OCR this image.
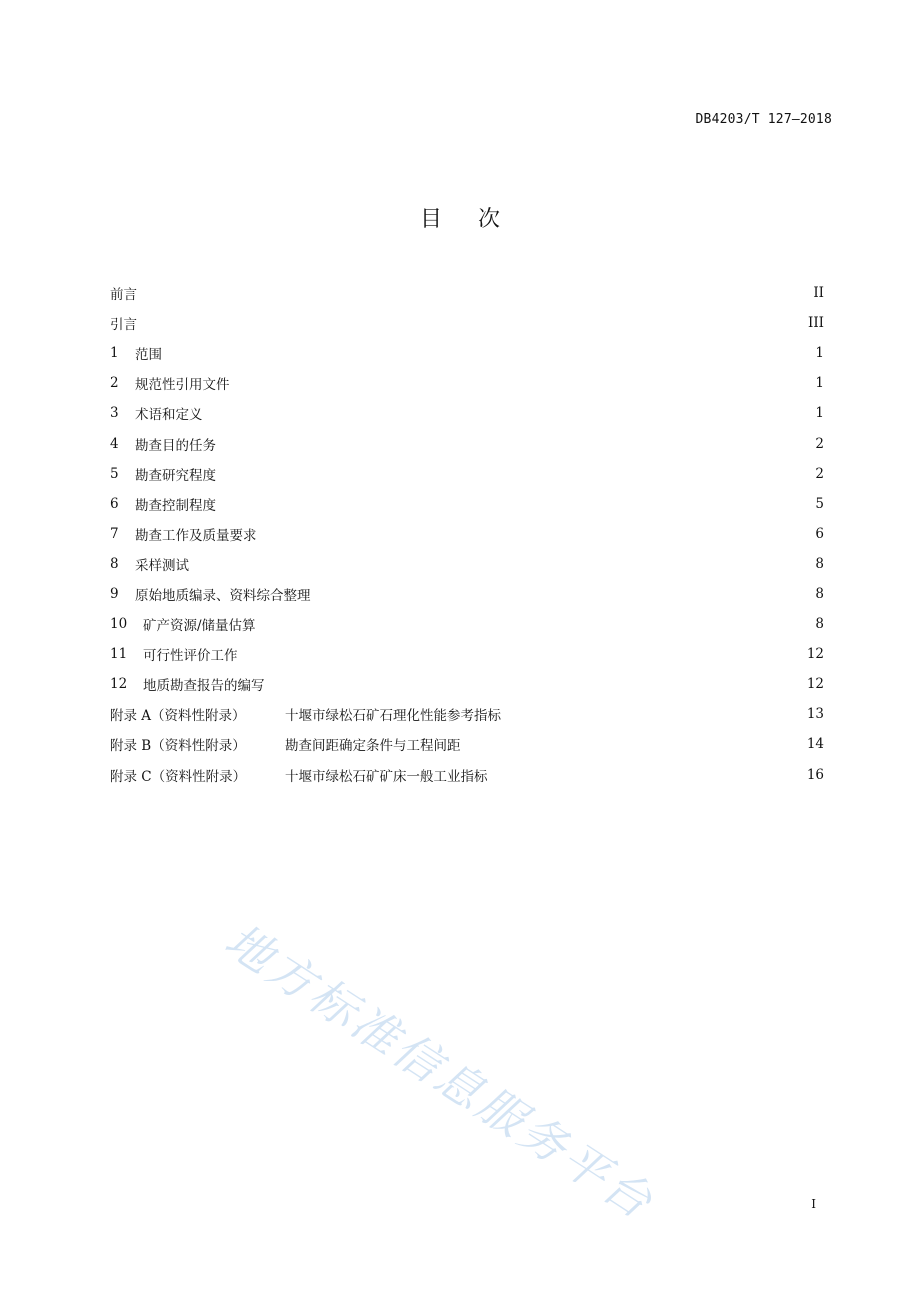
DB4203/T 127—2018
目 次
前言	II
引言	III
1	范围	1
2	规范性引用文件	1
3	术语和定义	1
4	勘查目的任务	2
5	勘查研究程度	2
6	勘查控制程度	5
7	勘查工作及质量要求	6
8	采样测试	8
9	原始地质编录、资料综合整理	8
10	矿产资源/储量估算	8
11	可行性评价工作	12
12	地质勘查报告的编写	12
附录 A（资料性附录）	十堰市绿松石矿石理化性能参考指标	13
附录 B（资料性附录）	勘查间距确定条件与工程间距	14
附录 C（资料性附录）	十堰市绿松石矿矿床一般工业指标	16
I
地方标准信息服务平台
